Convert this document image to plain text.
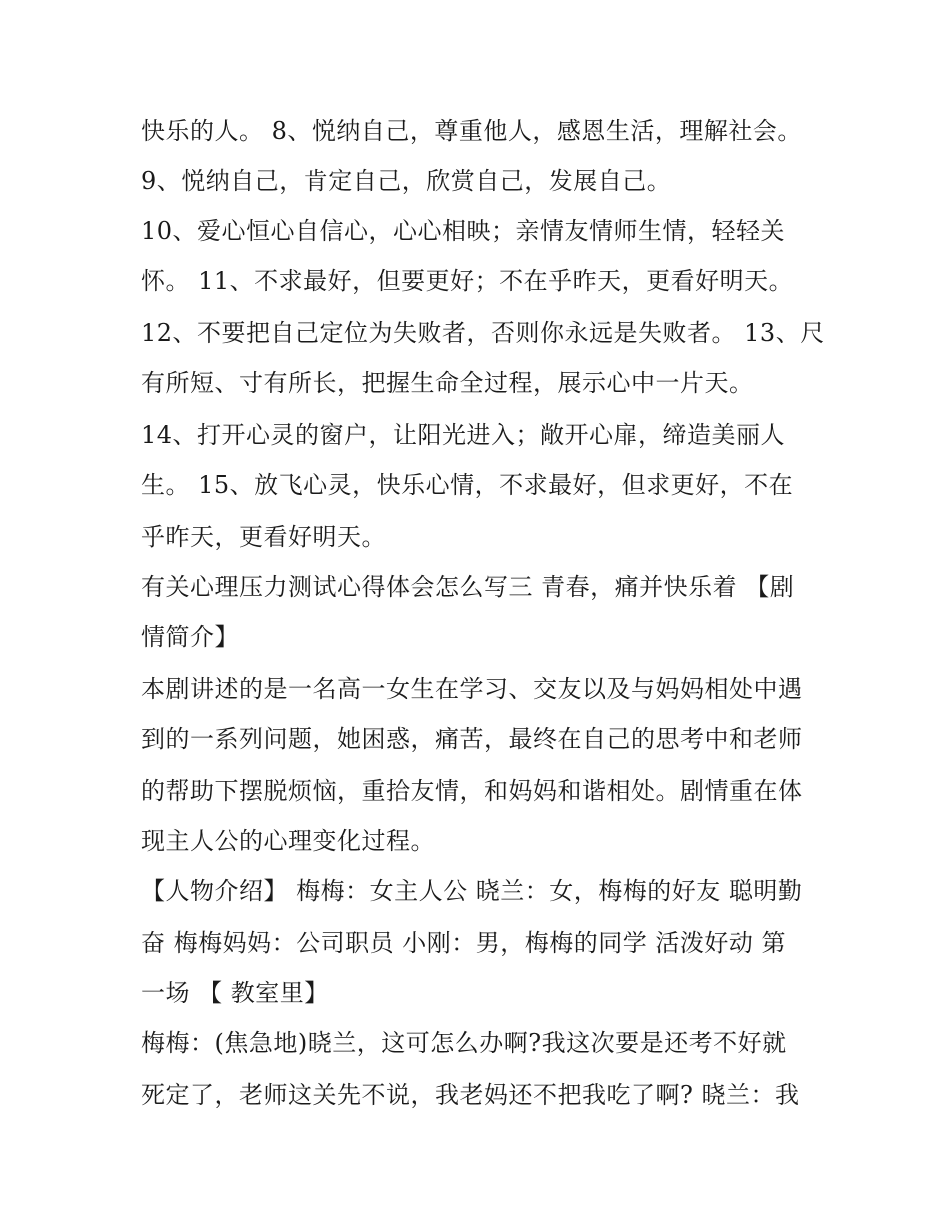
快乐的人。 8、悦纳自己，尊重他人，感恩生活，理解社会。
9、悦纳自己，肯定自己，欣赏自己，发展自己。
10、爱心恒心自信心，心心相映；亲情友情师生情，轻轻关
怀。 11、不求最好，但要更好；不在乎昨天，更看好明天。
12、不要把自己定位为失败者，否则你永远是失败者。 13、尺
有所短、寸有所长，把握生命全过程，展示心中一片天。
14、打开心灵的窗户，让阳光进入；敞开心扉，缔造美丽人
生。 15、放飞心灵，快乐心情，不求最好，但求更好，不在
乎昨天，更看好明天。
有关心理压力测试心得体会怎么写三 青春，痛并快乐着 【剧
情简介】
本剧讲述的是一名高一女生在学习、交友以及与妈妈相处中遇
到的一系列问题，她困惑，痛苦，最终在自己的思考中和老师
的帮助下摆脱烦恼，重拾友情，和妈妈和谐相处。剧情重在体
现主人公的心理变化过程。
【人物介绍】 梅梅：女主人公 晓兰：女，梅梅的好友 聪明勤
奋 梅梅妈妈：公司职员 小刚：男，梅梅的同学 活泼好动 第
一场 【 教室里】
梅梅：(焦急地)晓兰，这可怎么办啊?我这次要是还考不好就
死定了，老师这关先不说，我老妈还不把我吃了啊? 晓兰：我
